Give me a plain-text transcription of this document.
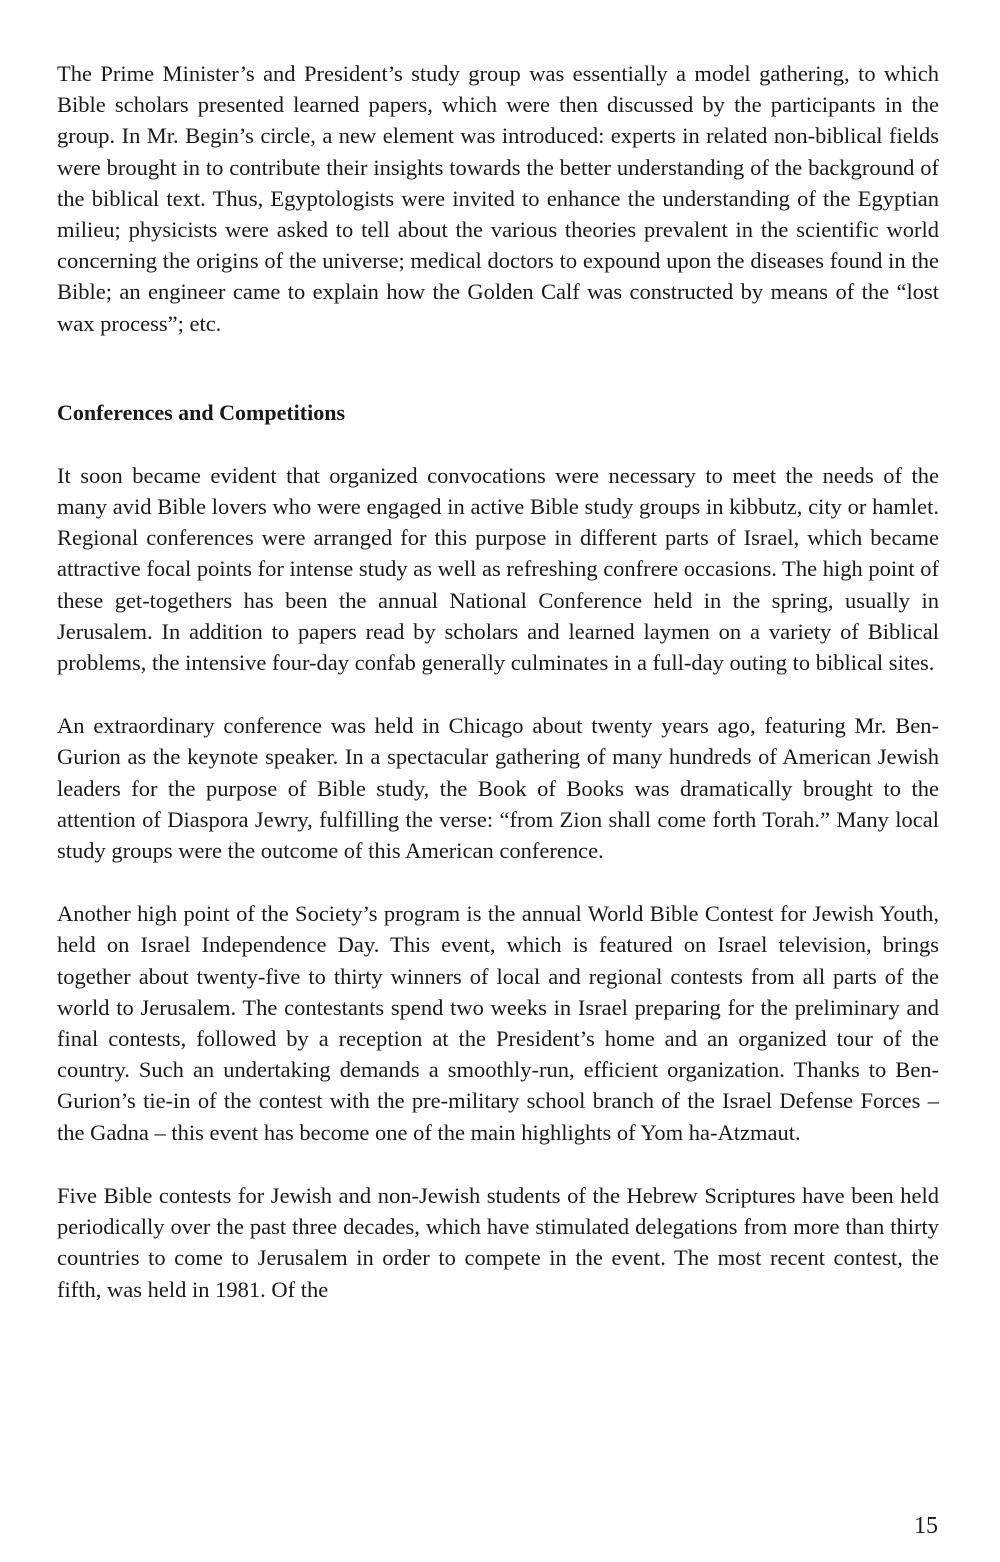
The Prime Minister’s and President’s study group was essentially a model gathering, to which Bible scholars presented learned papers, which were then discussed by the participants in the group. In Mr. Begin’s circle, a new element was introduced: experts in related non-biblical fields were brought in to contribute their insights towards the better understanding of the background of the biblical text. Thus, Egyptologists were invited to enhance the understanding of the Egyptian milieu; physicists were asked to tell about the various theories prevalent in the scientific world concerning the origins of the universe; medical doctors to expound upon the diseases found in the Bible; an engineer came to explain how the Golden Calf was constructed by means of the “lost wax process”; etc.

Conferences and Competitions

It soon became evident that organized convocations were necessary to meet the needs of the many avid Bible lovers who were engaged in active Bible study groups in kibbutz, city or hamlet. Regional conferences were arranged for this purpose in different parts of Israel, which became attractive focal points for intense study as well as refreshing confrere occasions. The high point of these get-togethers has been the annual National Conference held in the spring, usually in Jerusalem. In addition to papers read by scholars and learned laymen on a variety of Biblical problems, the intensive four-day confab generally culminates in a full-day outing to biblical sites.

An extraordinary conference was held in Chicago about twenty years ago, featuring Mr. Ben-Gurion as the keynote speaker. In a spectacular gathering of many hundreds of American Jewish leaders for the purpose of Bible study, the Book of Books was dramatically brought to the attention of Diaspora Jewry, fulfilling the verse: “from Zion shall come forth Torah.” Many local study groups were the outcome of this American conference.

Another high point of the Society’s program is the annual World Bible Contest for Jewish Youth, held on Israel Independence Day. This event, which is featured on Israel television, brings together about twenty-five to thirty winners of local and regional contests from all parts of the world to Jerusalem. The contestants spend two weeks in Israel preparing for the preliminary and final contests, followed by a reception at the President’s home and an organized tour of the country. Such an undertaking demands a smoothly-run, efficient organization. Thanks to Ben-Gurion’s tie-in of the contest with the pre-military school branch of the Israel Defense Forces – the Gadna – this event has become one of the main highlights of Yom ha-Atzmaut.

Five Bible contests for Jewish and non-Jewish students of the Hebrew Scriptures have been held periodically over the past three decades, which have stimulated delegations from more than thirty countries to come to Jerusalem in order to compete in the event. The most recent contest, the fifth, was held in 1981. Of the

15
